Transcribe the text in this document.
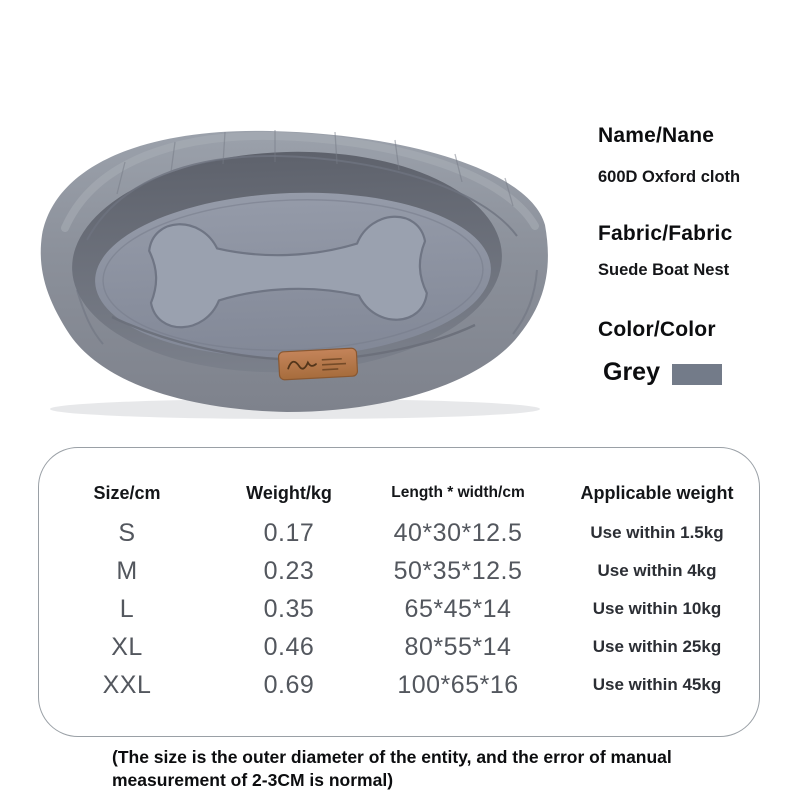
Name/Nane
600D Oxford cloth
Fabric/Fabric
Suede Boat Nest
Color/Color
Grey
Size/cm	Weight/kg	Length * width/cm	Applicable weight
S	0.17	40*30*12.5	Use within 1.5kg
M	0.23	50*35*12.5	Use within 4kg
L	0.35	65*45*14	Use within 10kg
XL	0.46	80*55*14	Use within 25kg
XXL	0.69	100*65*16	Use within 45kg
(The size is the outer diameter of the entity, and the error of manual measurement of 2-3CM is normal)
